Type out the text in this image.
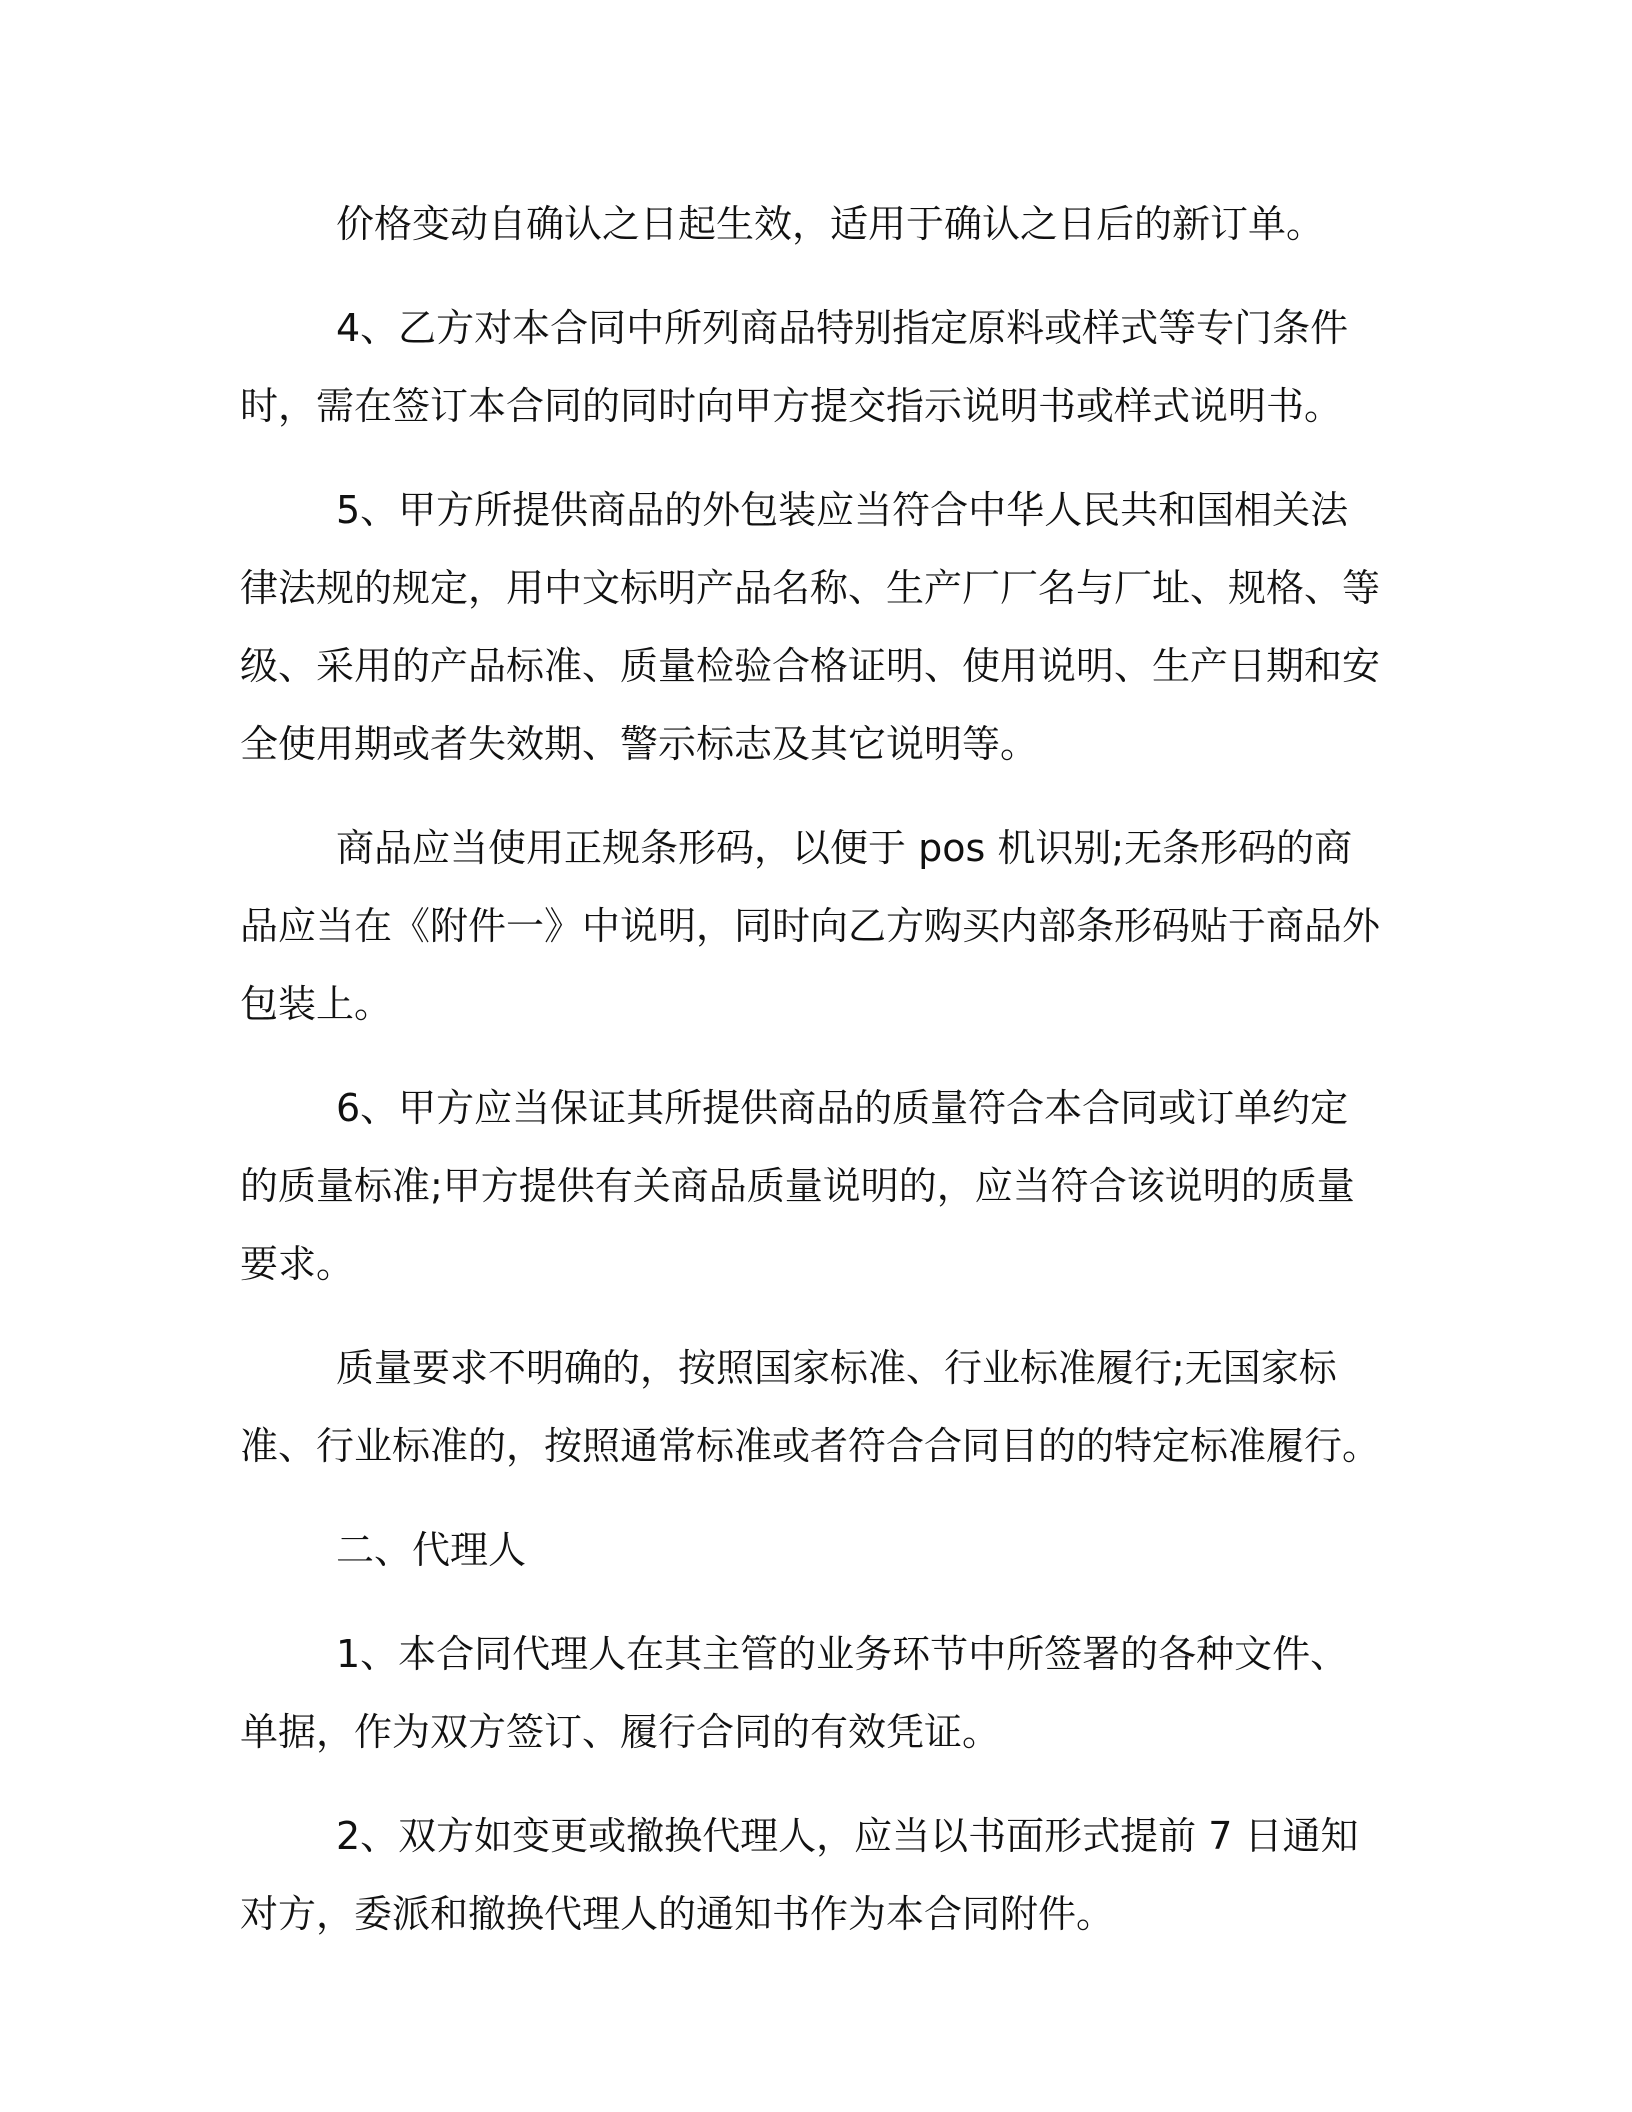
价格变动自确认之日起生效，适用于确认之日后的新订单。

4、乙方对本合同中所列商品特别指定原料或样式等专门条件时，需在签订本合同的同时向甲方提交指示说明书或样式说明书。

5、甲方所提供商品的外包装应当符合中华人民共和国相关法律法规的规定，用中文标明产品名称、生产厂厂名与厂址、规格、等级、采用的产品标准、质量检验合格证明、使用说明、生产日期和安全使用期或者失效期、警示标志及其它说明等。

商品应当使用正规条形码，以便于 pos 机识别;无条形码的商品应当在《附件一》中说明，同时向乙方购买内部条形码贴于商品外包装上。

6、甲方应当保证其所提供商品的质量符合本合同或订单约定的质量标准;甲方提供有关商品质量说明的，应当符合该说明的质量要求。

质量要求不明确的，按照国家标准、行业标准履行;无国家标准、行业标准的，按照通常标准或者符合合同目的的特定标准履行。

二、代理人

1、本合同代理人在其主管的业务环节中所签署的各种文件、单据，作为双方签订、履行合同的有效凭证。

2、双方如变更或撤换代理人，应当以书面形式提前 7 日通知对方，委派和撤换代理人的通知书作为本合同附件。
